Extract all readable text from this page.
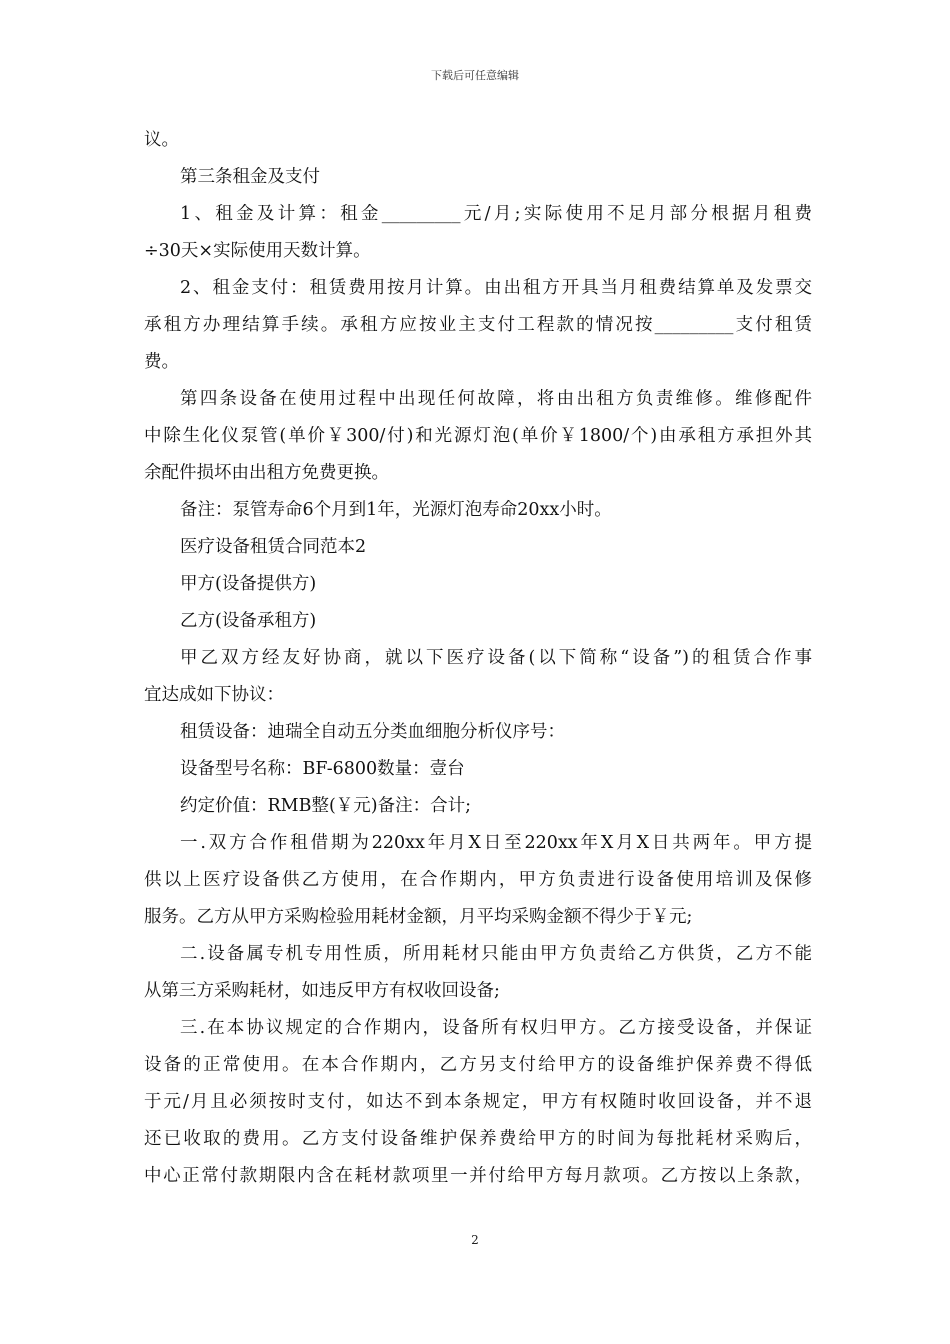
下载后可任意编辑
议。
第三条租金及支付
1、租金及计算：租金_________元/月;实际使用不足月部分根据月租费
÷30天×实际使用天数计算。
2、租金支付：租赁费用按月计算。由出租方开具当月租费结算单及发票交
承租方办理结算手续。承租方应按业主支付工程款的情况按_________支付租赁
费。
第四条设备在使用过程中出现任何故障，将由出租方负责维修。维修配件
中除生化仪泵管(单价￥300/付)和光源灯泡(单价￥1800/个)由承租方承担外其
余配件损坏由出租方免费更换。
备注：泵管寿命6个月到1年，光源灯泡寿命20xx小时。
医疗设备租赁合同范本2
甲方(设备提供方)
乙方(设备承租方)
甲乙双方经友好协商，就以下医疗设备(以下简称“设备”)的租赁合作事
宜达成如下协议：
租赁设备：迪瑞全自动五分类血细胞分析仪序号：
设备型号名称：BF-6800数量：壹台
约定价值：RMB整(￥元)备注：合计;
一.双方合作租借期为220xx年月X日至220xx年X月X日共两年。甲方提
供以上医疗设备供乙方使用，在合作期内，甲方负责进行设备使用培训及保修
服务。乙方从甲方采购检验用耗材金额，月平均采购金额不得少于￥元;
二.设备属专机专用性质，所用耗材只能由甲方负责给乙方供货，乙方不能
从第三方采购耗材，如违反甲方有权收回设备;
三.在本协议规定的合作期内，设备所有权归甲方。乙方接受设备，并保证
设备的正常使用。在本合作期内，乙方另支付给甲方的设备维护保养费不得低
于元/月且必须按时支付，如达不到本条规定，甲方有权随时收回设备，并不退
还已收取的费用。乙方支付设备维护保养费给甲方的时间为每批耗材采购后，
中心正常付款期限内含在耗材款项里一并付给甲方每月款项。乙方按以上条款，
2
